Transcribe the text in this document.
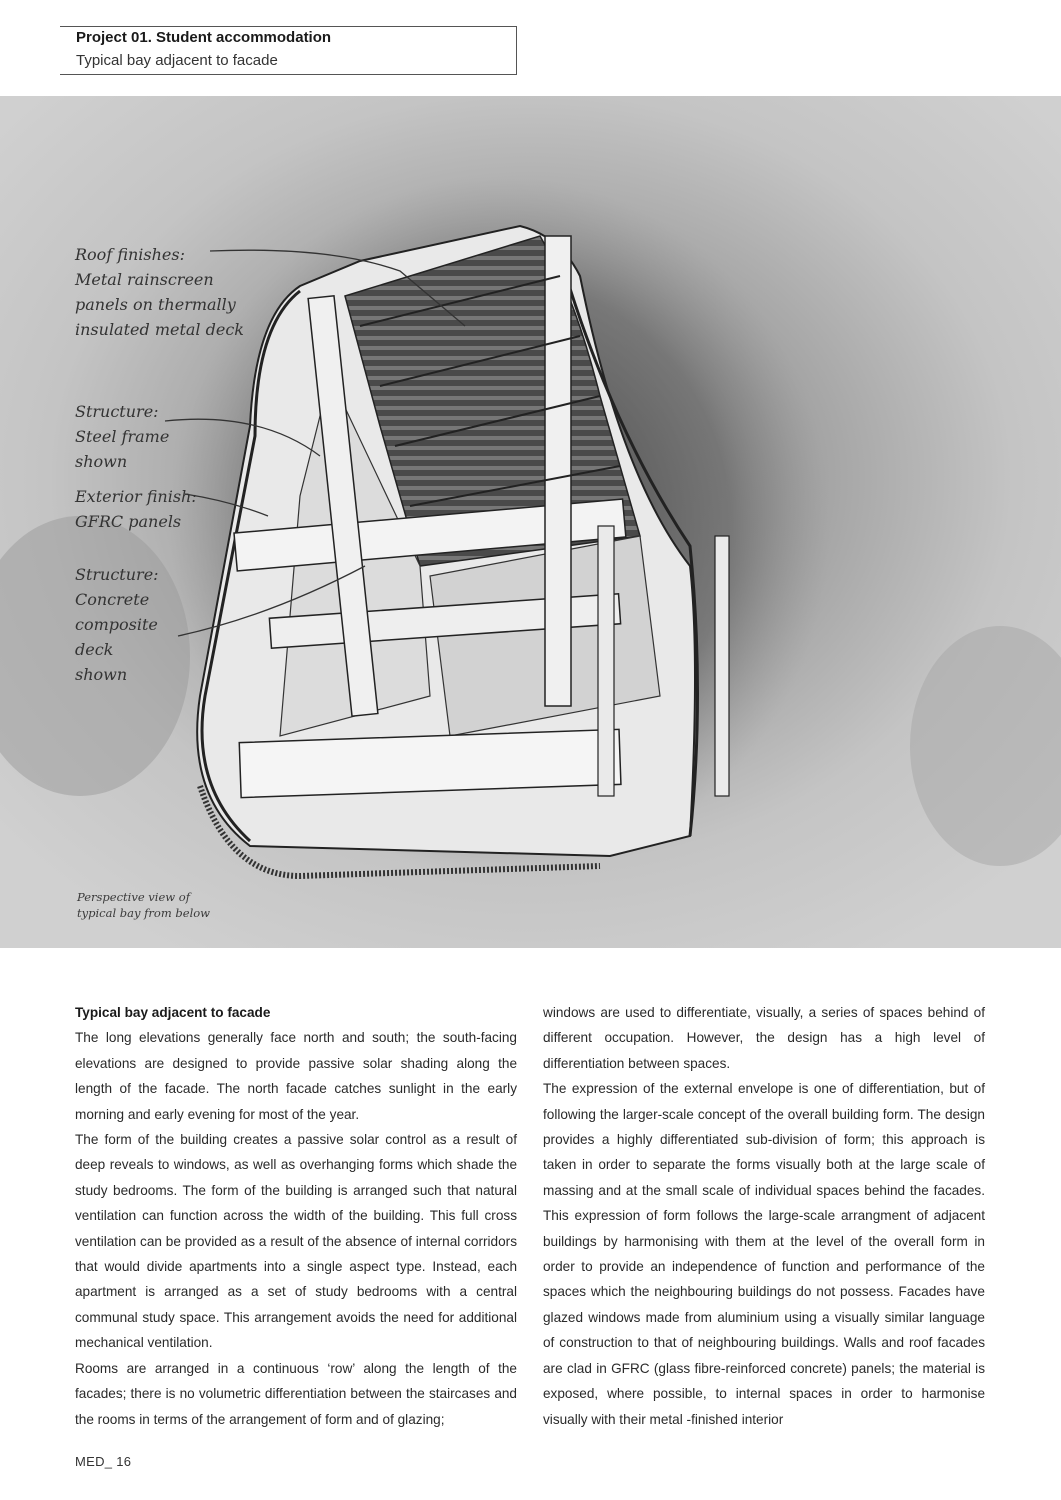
Project 01. Student accommodation
Typical bay adjacent to facade
Roof finishes:
Metal rainscreen
panels on thermally
insulated metal deck
Structure:
Steel frame
shown
Exterior finish:
GFRC panels
Structure:
Concrete
composite
deck
shown
Perspective view of
typical bay from below

Typical bay adjacent to facade

The long elevations generally face north and south; the south-facing elevations are designed to provide passive solar shading along the length of the facade. The north facade catches sunlight in the early morning and early evening for most of the year.

The form of the building creates a passive solar control as a result of deep reveals to windows, as well as overhanging forms which shade the study bedrooms. The form of the building is arranged such that natural ventilation can function across the width of the building. This full cross ventilation can be provided as a result of the absence of internal corridors that would divide apartments into a single aspect type. Instead, each apartment is arranged as a set of study bedrooms with a central communal study space. This arrangement avoids the need for additional mechanical ventilation.

Rooms are arranged in a continuous ‘row’ along the length of the facades; there is no volumetric differentiation between the staircases and the rooms in terms of the arrangement of form and of glazing;

windows are used to differentiate, visually, a series of spaces behind of different occupation. However, the design has a high level of differentiation between spaces.

The expression of the external envelope is one of differentiation, but of following the larger-scale concept of the overall building form. The design provides a highly differentiated sub-division of form; this approach is taken in order to separate the forms visually both at the large scale of massing and at the small scale of individual spaces behind the facades. This expression of form follows the large-scale arrangment of adjacent buildings by harmonising with them at the level of the overall form in order to provide an independence of function and performance of the spaces which the neighbouring buildings do not possess. Facades have glazed windows made from aluminium using a visually similar language of construction to that of neighbouring buildings. Walls and roof facades are clad in GFRC (glass fibre-reinforced concrete) panels; the material is exposed, where possible, to internal spaces in order to harmonise visually with their metal -finished interior

MED_ 16
